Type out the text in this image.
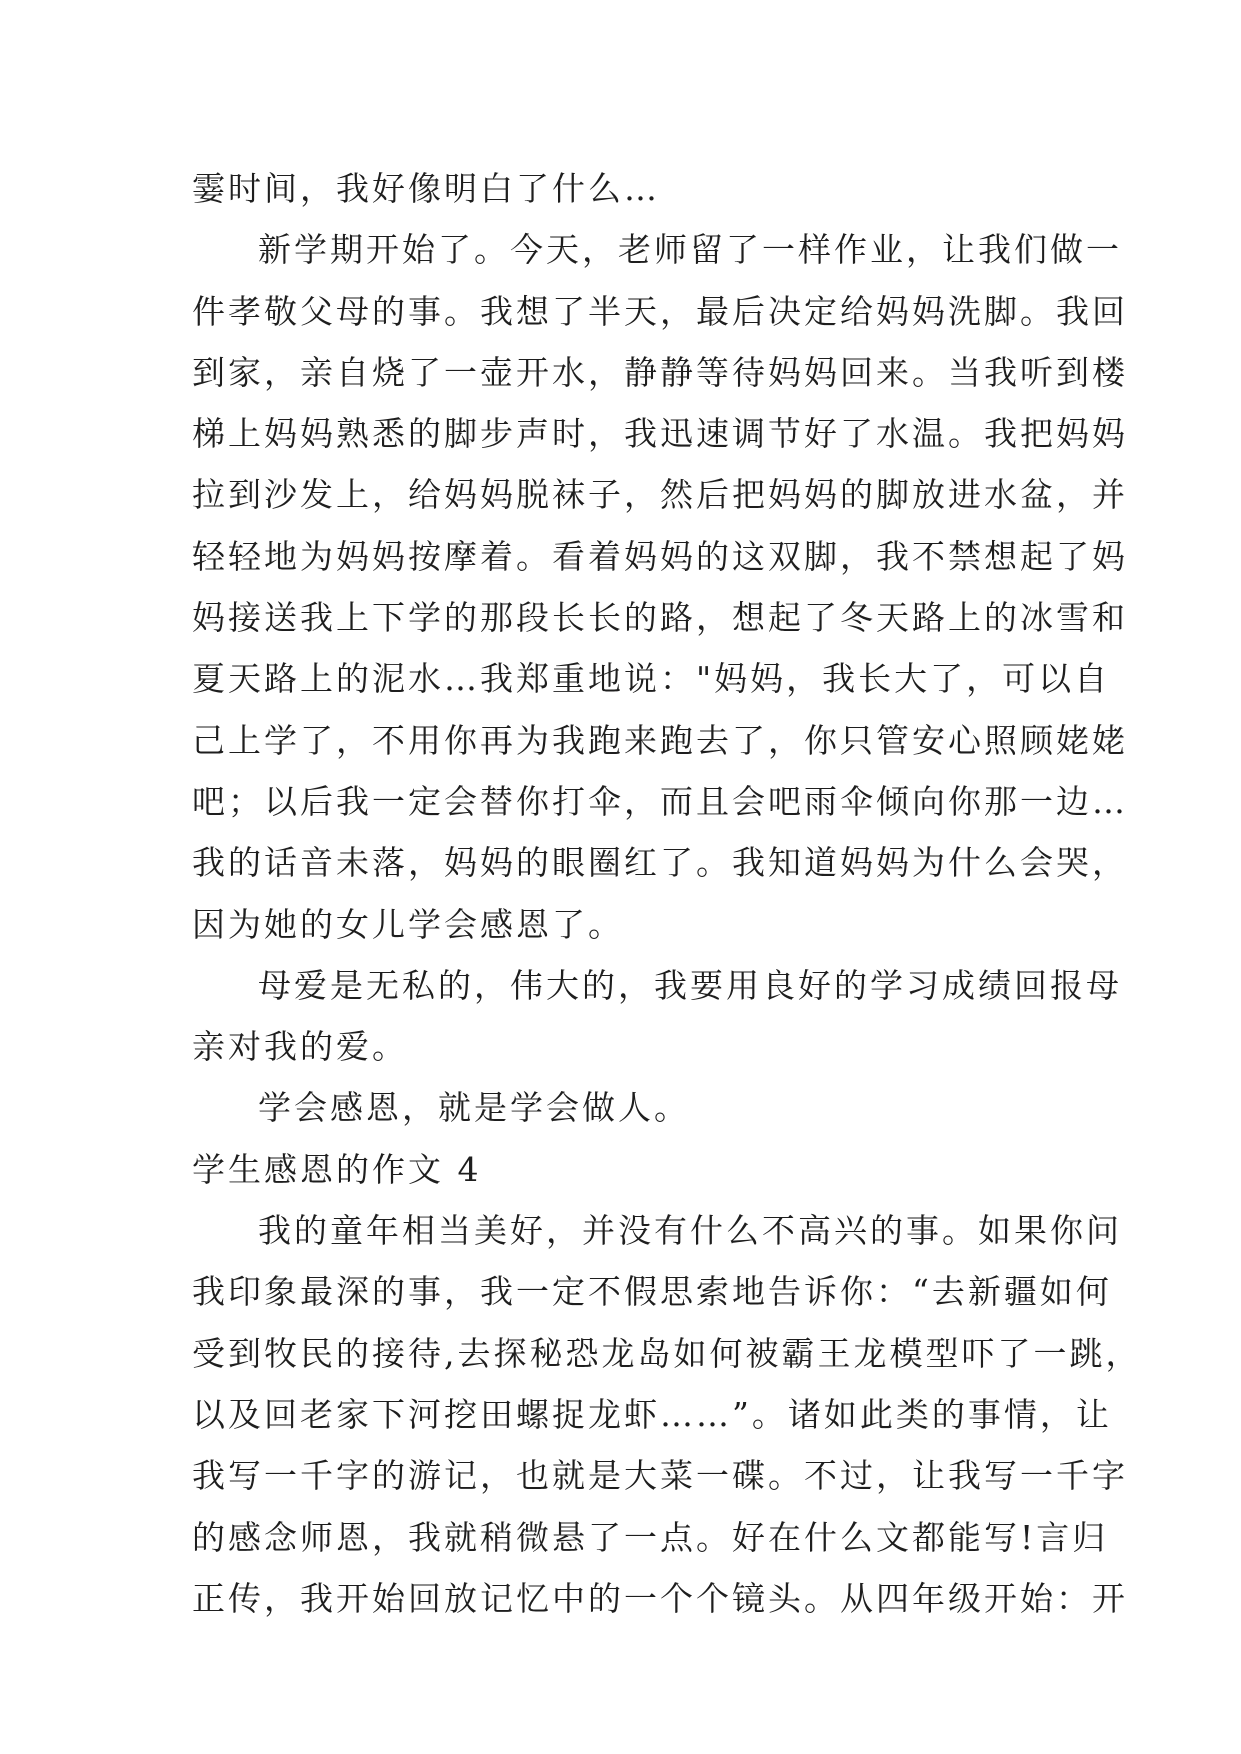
霎时间，我好像明白了什么…
新学期开始了。今天，老师留了一样作业，让我们做一
件孝敬父母的事。我想了半天，最后决定给妈妈洗脚。我回
到家，亲自烧了一壶开水，静静等待妈妈回来。当我听到楼
梯上妈妈熟悉的脚步声时，我迅速调节好了水温。我把妈妈
拉到沙发上，给妈妈脱袜子，然后把妈妈的脚放进水盆，并
轻轻地为妈妈按摩着。看着妈妈的这双脚，我不禁想起了妈
妈接送我上下学的那段长长的路，想起了冬天路上的冰雪和
夏天路上的泥水…我郑重地说："妈妈，我长大了，可以自
己上学了，不用你再为我跑来跑去了，你只管安心照顾姥姥
吧；以后我一定会替你打伞，而且会吧雨伞倾向你那一边…
我的话音未落，妈妈的眼圈红了。我知道妈妈为什么会哭，
因为她的女儿学会感恩了。
母爱是无私的，伟大的，我要用良好的学习成绩回报母
亲对我的爱。
学会感恩，就是学会做人。
学生感恩的作文 4
我的童年相当美好，并没有什么不高兴的事。如果你问
我印象最深的事，我一定不假思索地告诉你：“去新疆如何
受到牧民的接待,去探秘恐龙岛如何被霸王龙模型吓了一跳，
以及回老家下河挖田螺捉龙虾……”。诸如此类的事情，让
我写一千字的游记，也就是大菜一碟。不过，让我写一千字
的感念师恩，我就稍微悬了一点。好在什么文都能写!言归
正传，我开始回放记忆中的一个个镜头。从四年级开始：开
